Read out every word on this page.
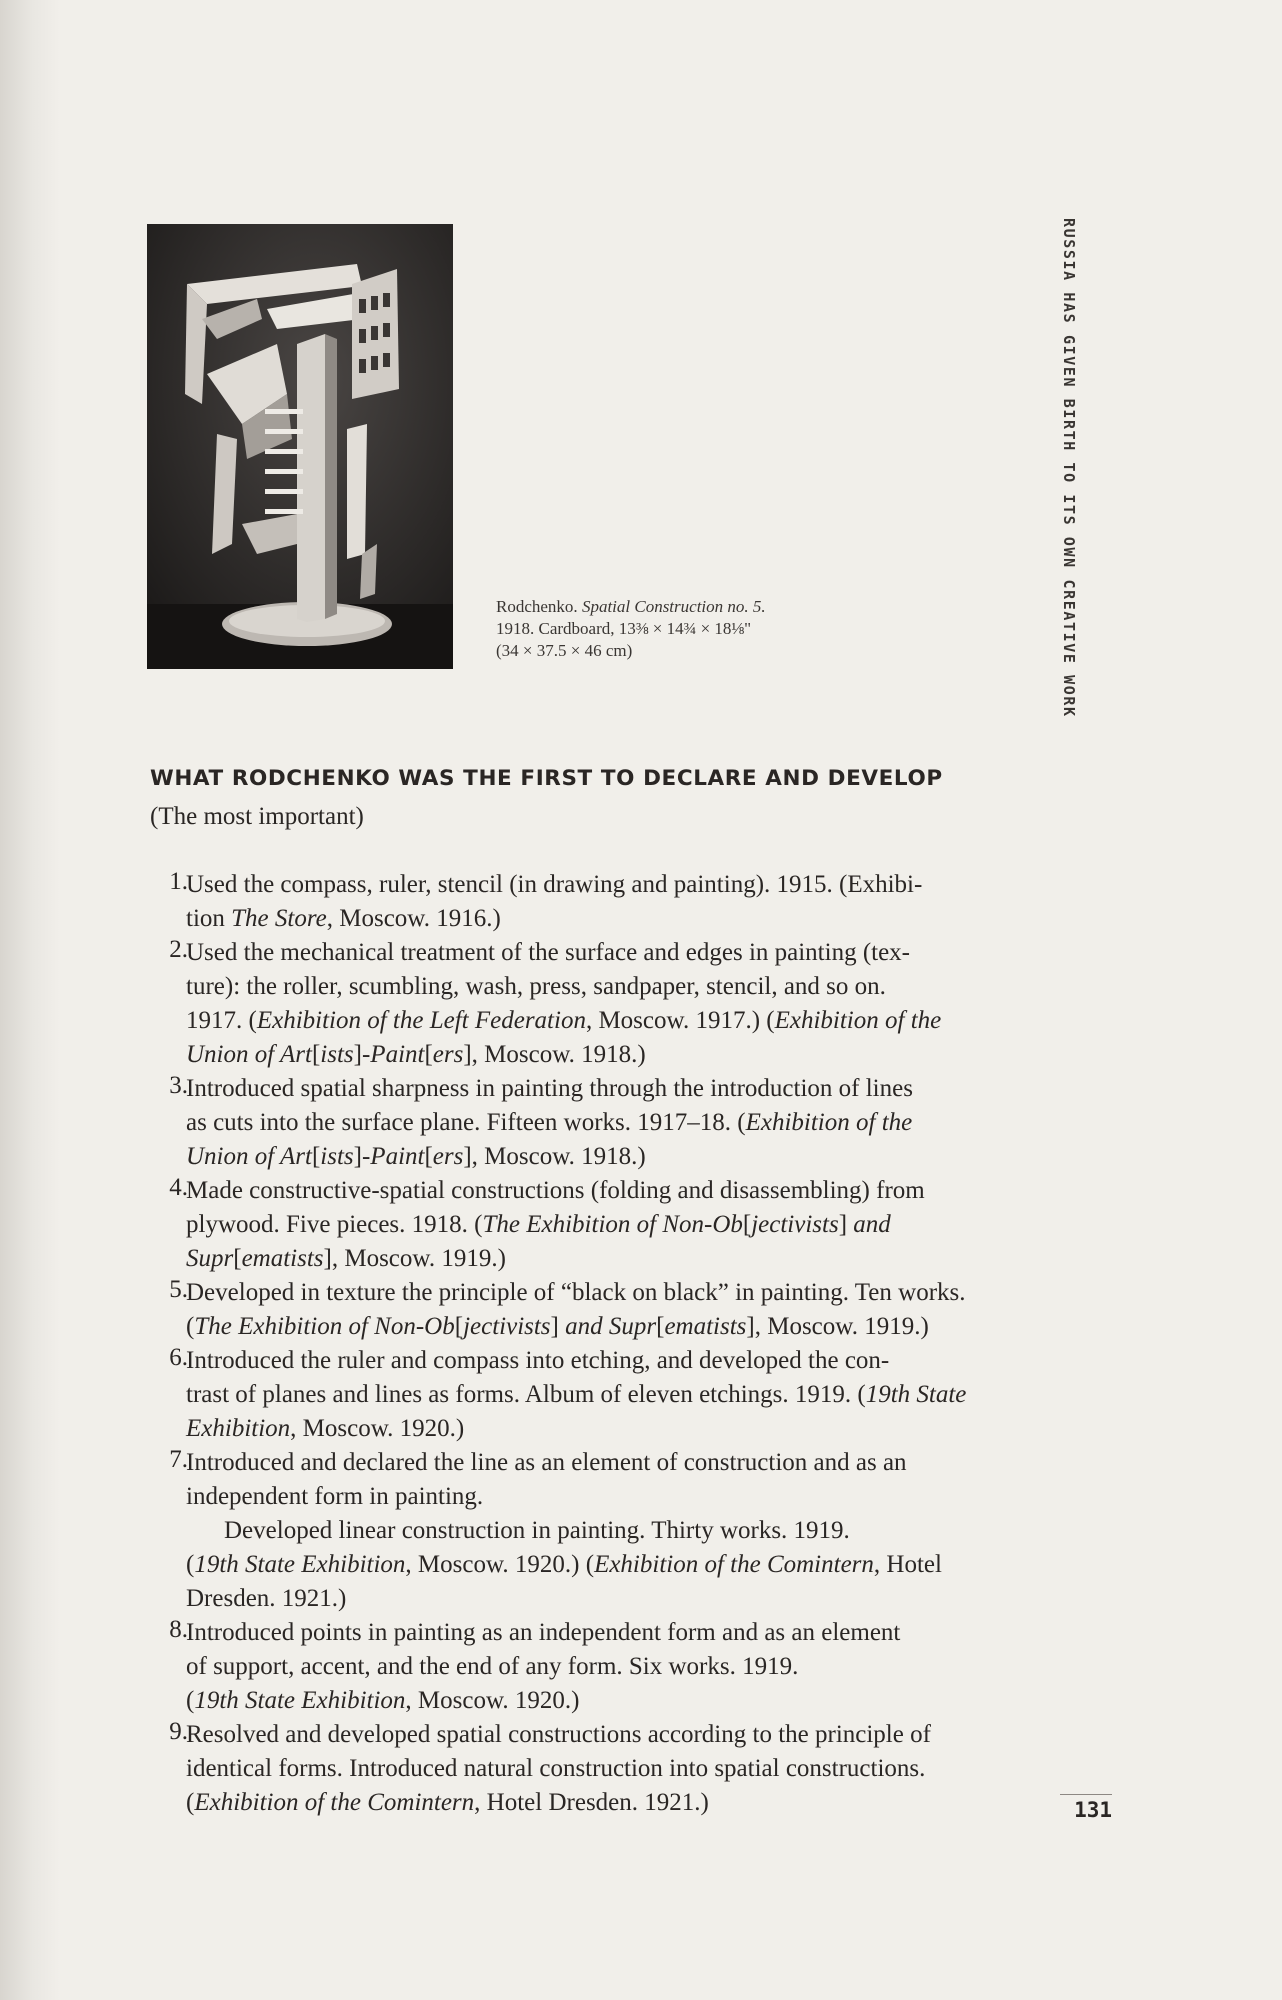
Rodchenko. Spatial Construction no. 5.
1918. Cardboard, 13⅜ × 14¾ × 18⅛"
(34 × 37.5 × 46 cm)	RUSSIA HAS GIVEN BIRTH TO ITS OWN CREATIVE WORK
131
WHAT RODCHENKO WAS THE FIRST TO DECLARE AND DEVELOP
(The most important)
1.
Used the compass, ruler, stencil (in drawing and painting). 1915. (Exhibi-
tion The Store, Moscow. 1916.)
2.
Used the mechanical treatment of the surface and edges in painting (tex-
ture): the roller, scumbling, wash, press, sandpaper, stencil, and so on.
1917. (Exhibition of the Left Federation, Moscow. 1917.) (Exhibition of the
Union of Art[ists]-Paint[ers], Moscow. 1918.)
3.
Introduced spatial sharpness in painting through the introduction of lines
as cuts into the surface plane. Fifteen works. 1917–18. (Exhibition of the
Union of Art[ists]-Paint[ers], Moscow. 1918.)
4.
Made constructive-spatial constructions (folding and disassembling) from
plywood. Five pieces. 1918. (The Exhibition of Non-Ob[jectivists] and
Supr[ematists], Moscow. 1919.)
5.
Developed in texture the principle of “black on black” in painting. Ten works.
(The Exhibition of Non-Ob[jectivists] and Supr[ematists], Moscow. 1919.)
6.
Introduced the ruler and compass into etching, and developed the con-
trast of planes and lines as forms. Album of eleven etchings. 1919. (19th State
Exhibition, Moscow. 1920.)
7.
Introduced and declared the line as an element of construction and as an
independent form in painting.
Developed linear construction in painting. Thirty works. 1919.
(19th State Exhibition, Moscow. 1920.) (Exhibition of the Comintern, Hotel
Dresden. 1921.)
8.
Introduced points in painting as an independent form and as an element
of support, accent, and the end of any form. Six works. 1919.
(19th State Exhibition, Moscow. 1920.)
9.
Resolved and developed spatial constructions according to the principle of
identical forms. Introduced natural construction into spatial constructions.
(Exhibition of the Comintern, Hotel Dresden. 1921.)
